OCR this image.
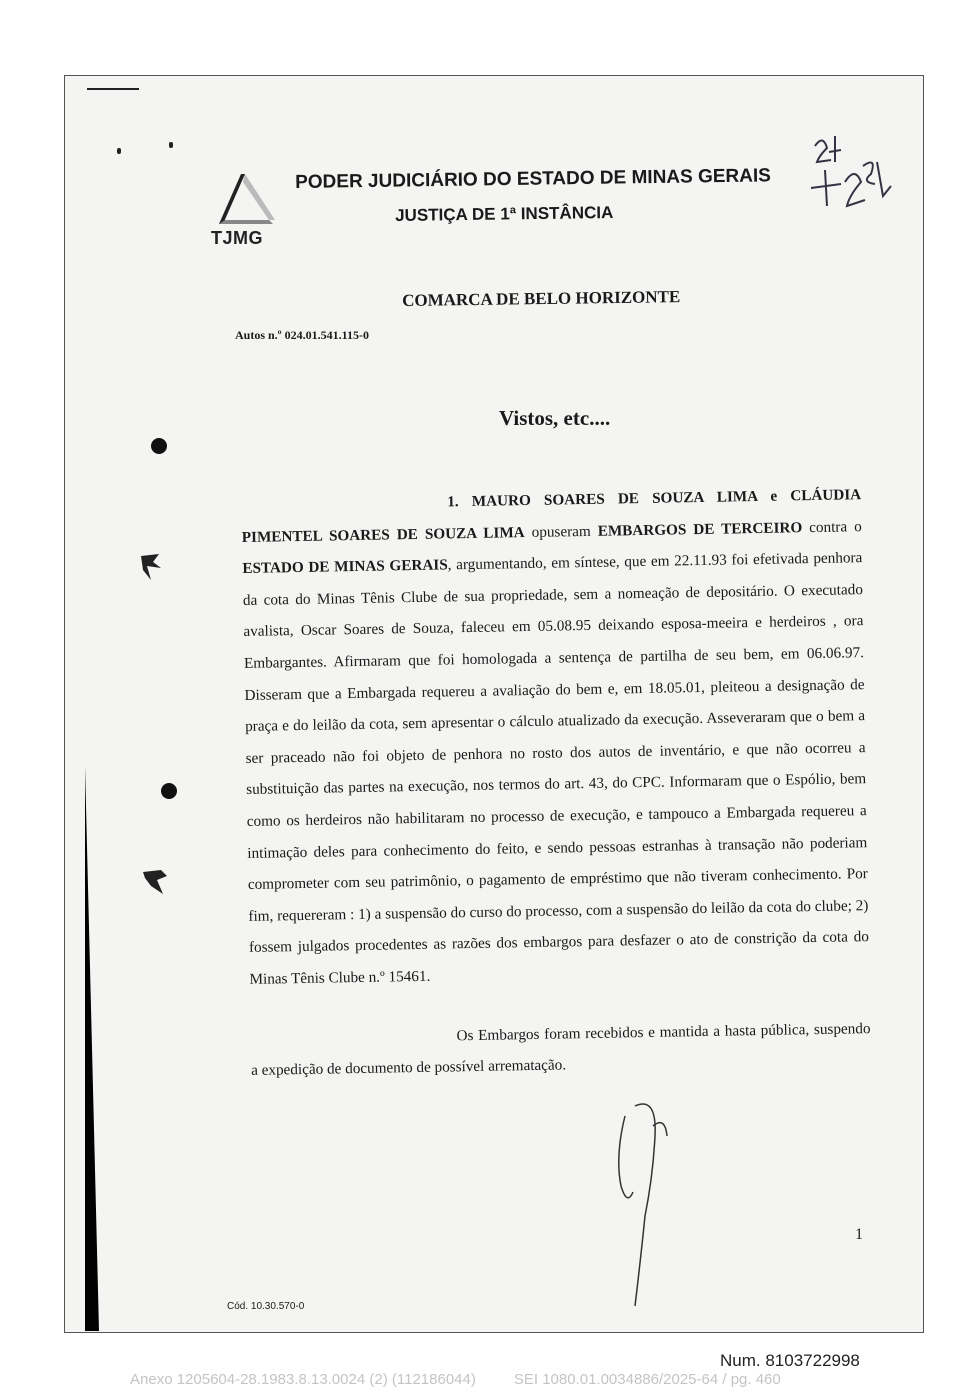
TJMG
PODER JUDICIÁRIO DO ESTADO DE MINAS GERAIS
JUSTIÇA DE 1ª INSTÂNCIA
COMARCA DE BELO HORIZONTE
Autos n.º 024.01.541.115-0
Vistos, etc....

1. MAURO SOARES DE SOUZA LIMA e CLÁUDIA PIMENTEL SOARES DE SOUZA LIMA opuseram EMBARGOS DE TERCEIRO contra o ESTADO DE MINAS GERAIS, argumentando, em síntese, que em 22.11.93 foi efetivada penhora da cota do Minas Tênis Clube de sua propriedade, sem a nomeação de depositário. O executado avalista, Oscar Soares de Souza, faleceu em 05.08.95 deixando esposa-meeira e herdeiros , ora Embargantes. Afirmaram que foi homologada a sentença de partilha de seu bem, em 06.06.97. Disseram que a Embargada requereu a avaliação do bem e, em 18.05.01, pleiteou a designação de praça e do leilão da cota, sem apresentar o cálculo atualizado da execução. Asseveraram que o bem a ser praceado não foi objeto de penhora no rosto dos autos de inventário, e que não ocorreu a substituição das partes na execução, nos termos do art. 43, do CPC. Informaram que o Espólio, bem como os herdeiros não habilitaram no processo de execução, e tampouco a Embargada requereu a intimação deles para conhecimento do feito, e sendo pessoas estranhas à transação não poderiam comprometer com seu patrimônio, o pagamento de empréstimo que não tiveram conhecimento. Por fim, requereram : 1) a suspensão do curso do processo, com a suspensão do leilão da cota do clube; 2) fossem julgados procedentes as razões dos embargos para desfazer o ato de constrição da cota do Minas Tênis Clube n.º 15461.

Os Embargos foram recebidos e mantida a hasta pública, suspendo a expedição de documento de possível arrematação.

1
Cód. 10.30.570-0
Num. 8103722998
Anexo 1205604-28.1983.8.13.0024 (2) (112186044)	SEI 1080.01.0034886/2025-64 / pg. 460
